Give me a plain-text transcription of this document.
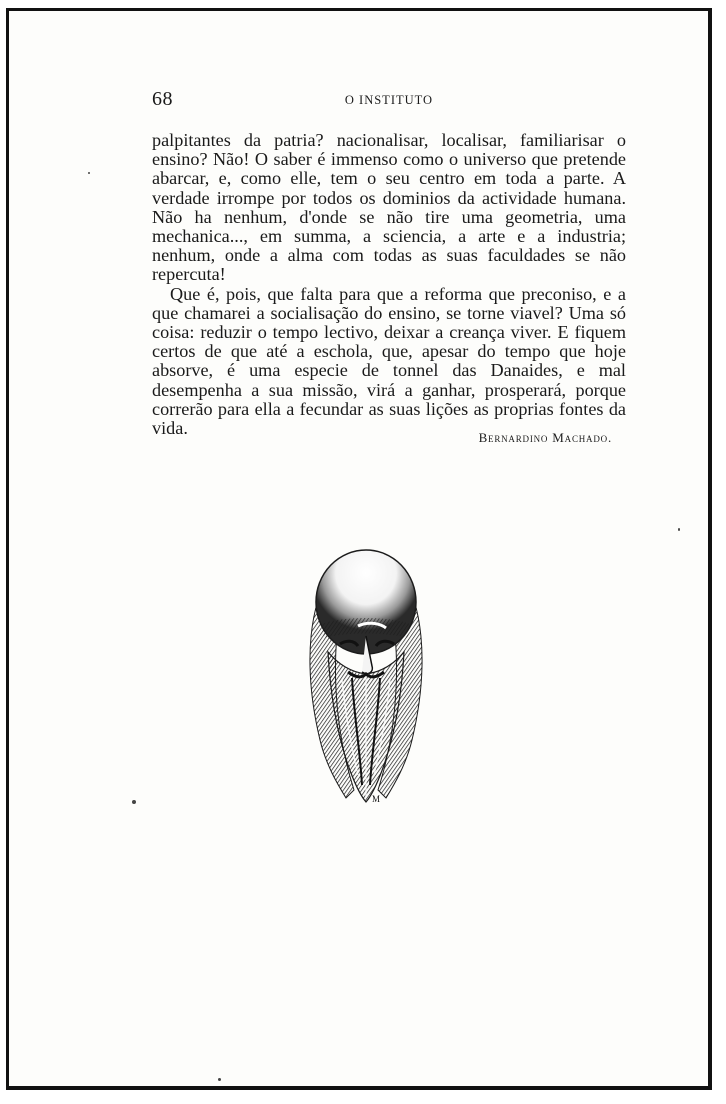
68	O INSTITUTO

palpitantes da patria? nacionalisar, localisar, familiarisar o ensino? Não! O saber é immenso como o universo que pretende abarcar, e, como elle, tem o seu centro em toda a parte. A verdade irrompe por todos os dominios da actividade humana. Não ha nenhum, d'onde se não tire uma geometria, uma mechanica..., em summa, a sciencia, a arte e a industria; nenhum, onde a alma com todas as suas faculdades se não repercuta!

Que é, pois, que falta para que a reforma que preconiso, e a que chamarei a socialisação do ensino, se torne viavel? Uma só coisa: reduzir o tempo lectivo, deixar a creança viver. E fiquem certos de que até a eschola, que, apesar do tempo que hoje absorve, é uma especie de tonnel das Danaides, e mal desempenha a sua missão, virá a ganhar, prosperará, porque correrão para ella a fecundar as suas lições as proprias fontes da vida.	Bernardino Machado.
M
